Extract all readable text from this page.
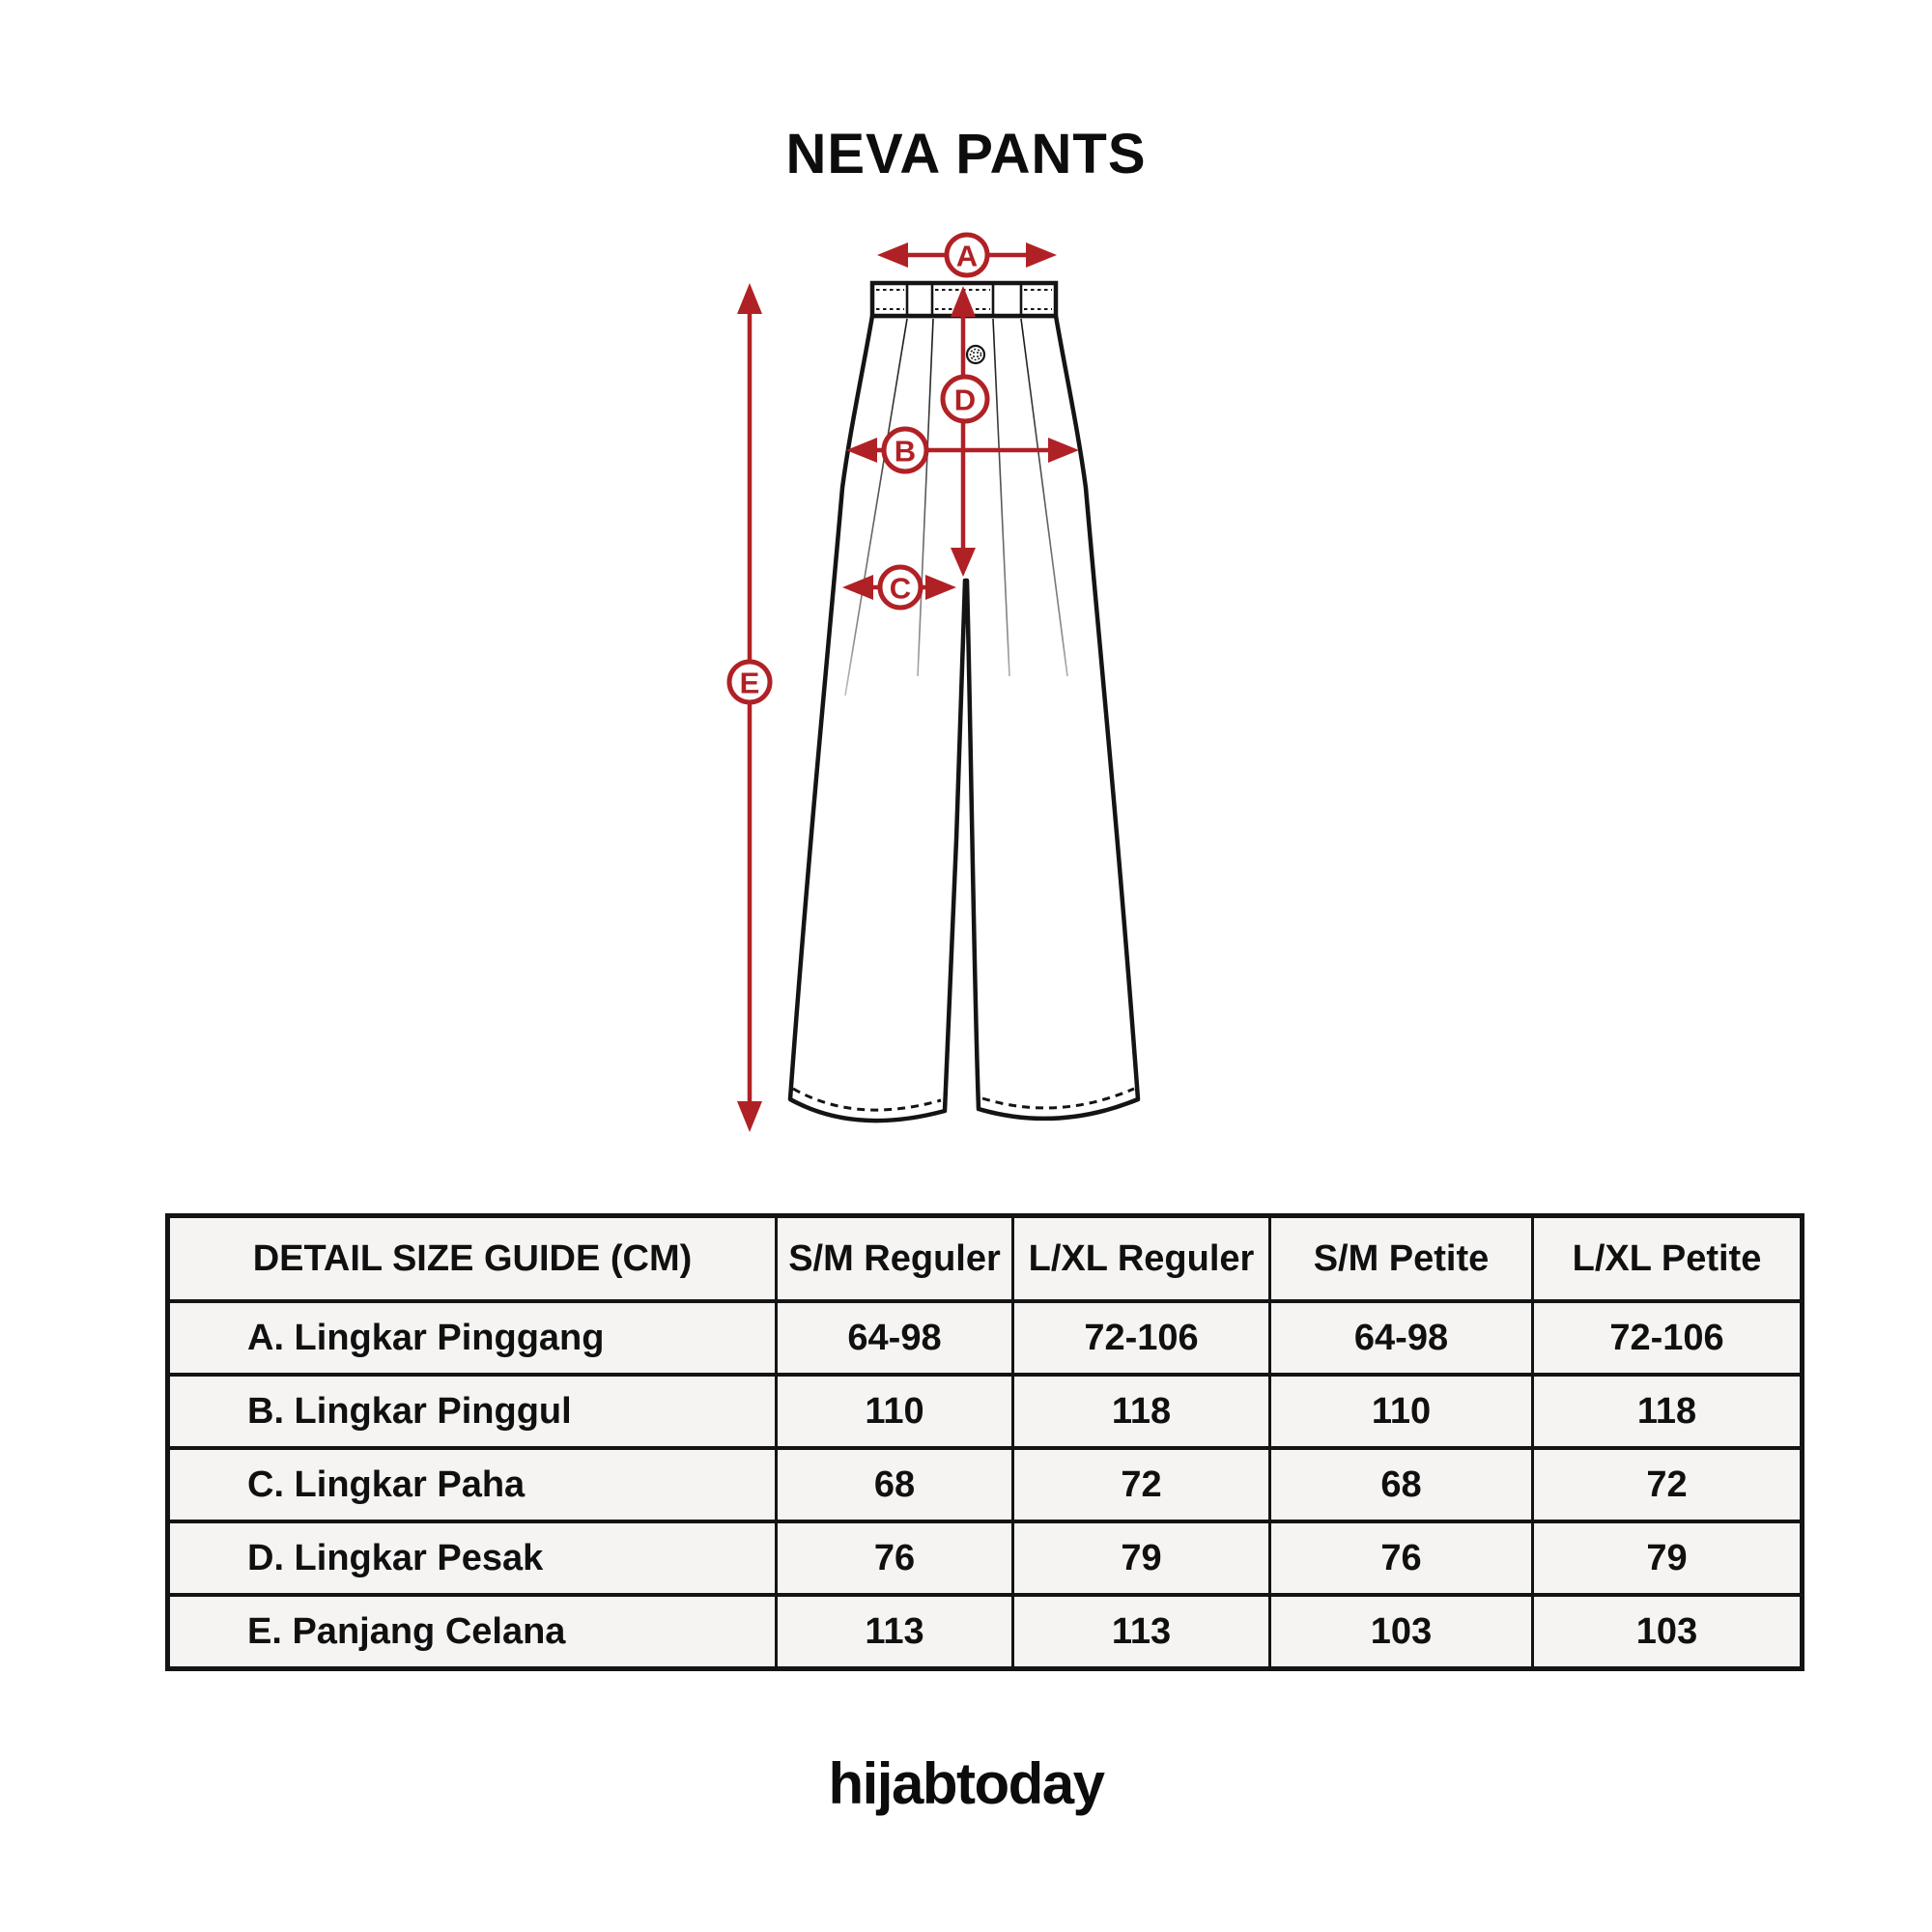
NEVA PANTS
A
E
D
B
C
DETAIL SIZE GUIDE (CM)	S/M Reguler	L/XL Reguler	S/M Petite	L/XL Petite
A. Lingkar Pinggang	64-98	72-106	64-98	72-106
B. Lingkar Pinggul	110	118	110	118
C. Lingkar Paha	68	72	68	72
D. Lingkar Pesak	76	79	76	79
E. Panjang Celana	113	113	103	103
hijabtoday
